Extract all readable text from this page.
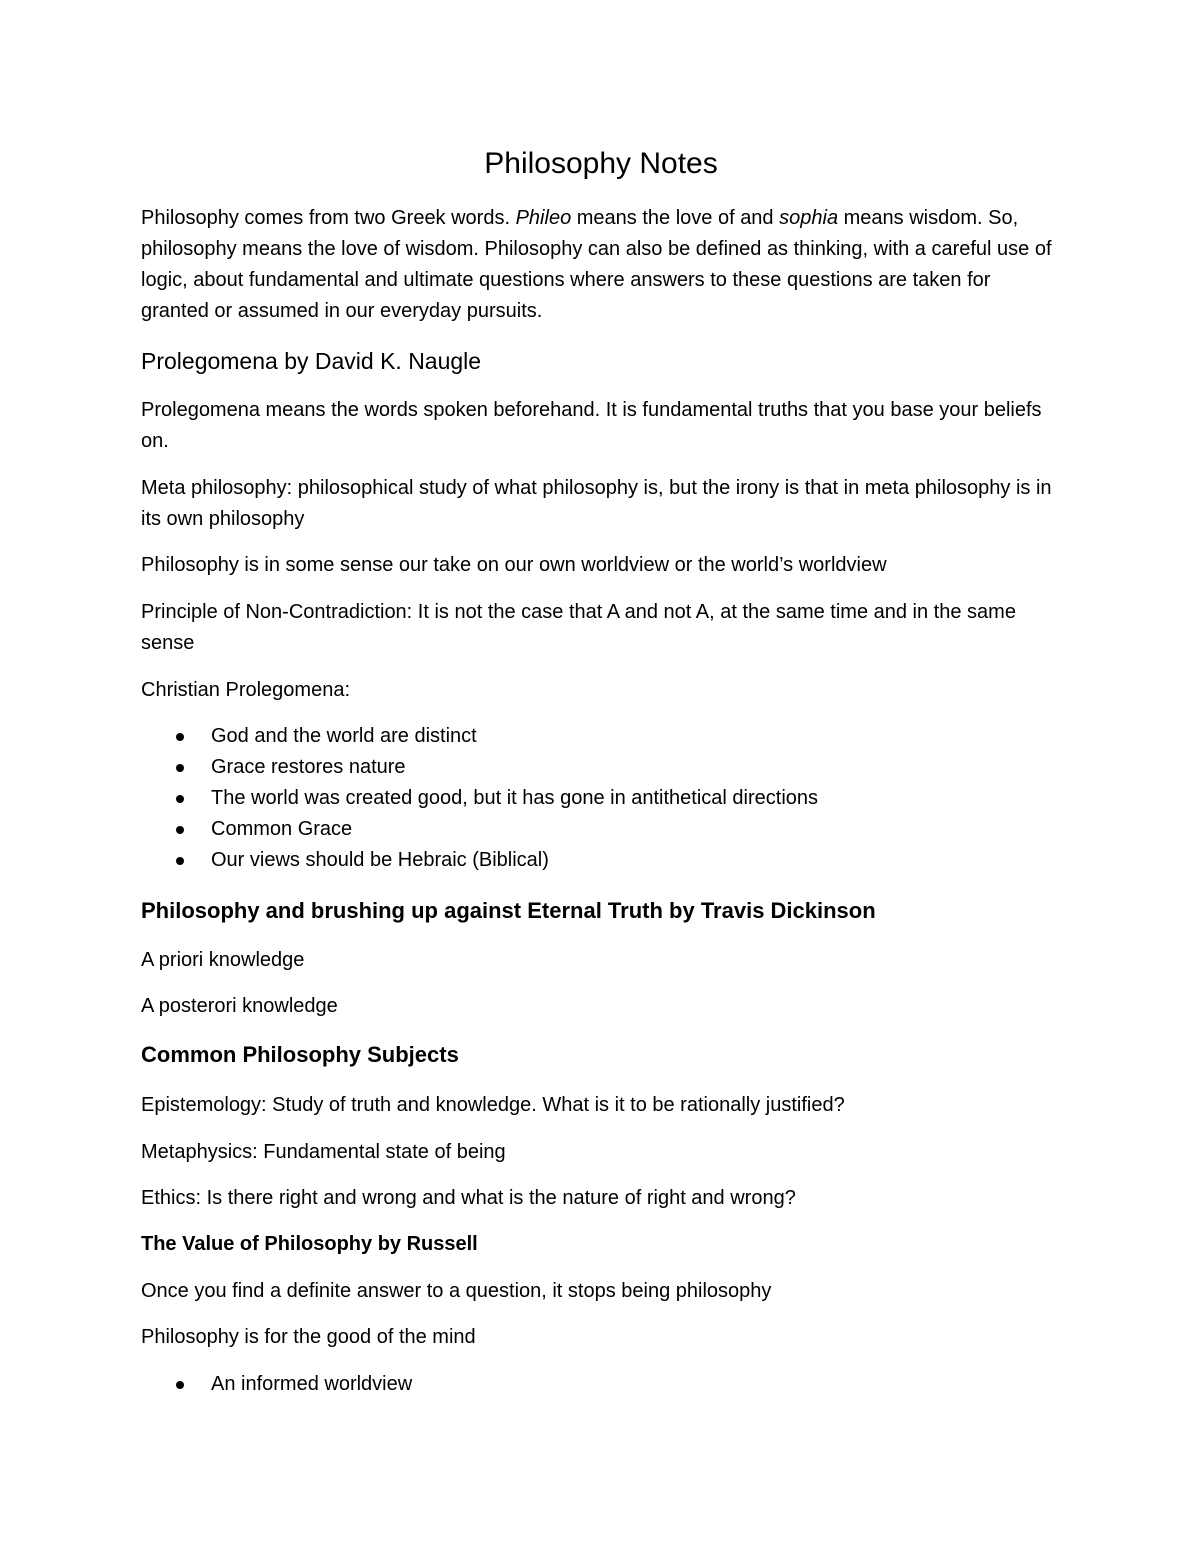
Philosophy Notes

Philosophy comes from two Greek words. Phileo means the love of and sophia means wisdom. So, philosophy means the love of wisdom. Philosophy can also be defined as thinking, with a careful use of logic, about fundamental and ultimate questions where answers to these questions are taken for granted or assumed in our everyday pursuits.

Prolegomena by David K. Naugle

Prolegomena means the words spoken beforehand. It is fundamental truths that you base your beliefs on.

Meta philosophy: philosophical study of what philosophy is, but the irony is that in meta philosophy is in its own philosophy

Philosophy is in some sense our take on our own worldview or the world’s worldview

Principle of Non-Contradiction: It is not the case that A and not A, at the same time and in the same sense

Christian Prolegomena:

God and the world are distinct
Grace restores nature
The world was created good, but it has gone in antithetical directions
Common Grace
Our views should be Hebraic (Biblical)
Philosophy and brushing up against Eternal Truth by Travis Dickinson

A priori knowledge

A posterori knowledge

Common Philosophy Subjects

Epistemology: Study of truth and knowledge. What is it to be rationally justified?

Metaphysics: Fundamental state of being

Ethics: Is there right and wrong and what is the nature of right and wrong?

The Value of Philosophy by Russell

Once you find a definite answer to a question, it stops being philosophy

Philosophy is for the good of the mind

An informed worldview
